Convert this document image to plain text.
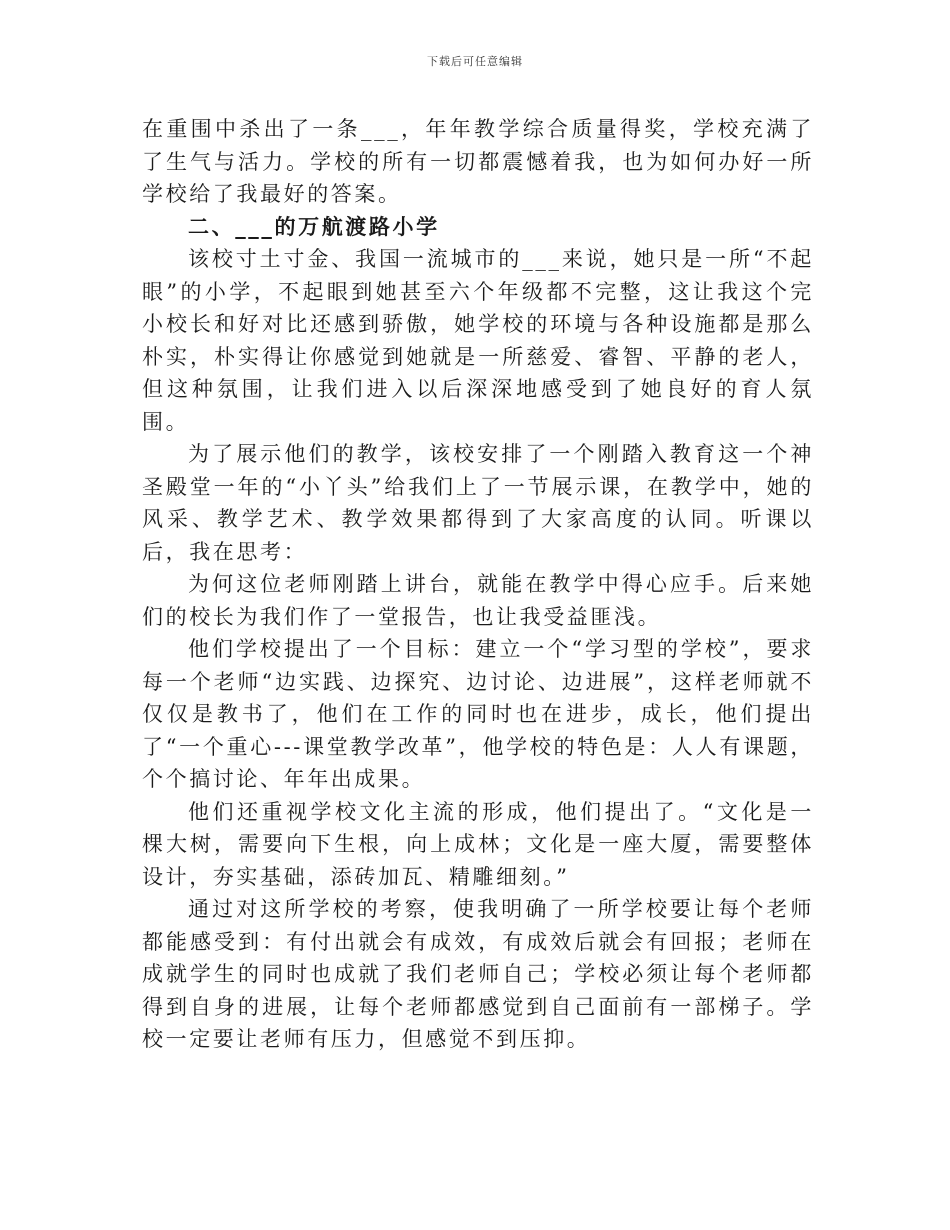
下载后可任意编辑

在重围中杀出了一条___，年年教学综合质量得奖，学校充满了了生气与活力。学校的所有一切都震憾着我，也为如何办好一所学校给了我最好的答案。

二、___的万航渡路小学

该校寸土寸金、我国一流城市的___来说，她只是一所“不起眼”的小学，不起眼到她甚至六个年级都不完整，这让我这个完小校长和好对比还感到骄傲，她学校的环境与各种设施都是那么朴实，朴实得让你感觉到她就是一所慈爱、睿智、平静的老人，但这种氛围，让我们进入以后深深地感受到了她良好的育人氛围。

为了展示他们的教学，该校安排了一个刚踏入教育这一个神圣殿堂一年的“小丫头”给我们上了一节展示课，在教学中，她的风采、教学艺术、教学效果都得到了大家高度的认同。听课以后，我在思考：

为何这位老师刚踏上讲台，就能在教学中得心应手。后来她们的校长为我们作了一堂报告，也让我受益匪浅。

他们学校提出了一个目标：建立一个“学习型的学校”，要求每一个老师“边实践、边探究、边讨论、边进展”，这样老师就不仅仅是教书了，他们在工作的同时也在进步，成长，他们提出了“一个重心---课堂教学改革”，他学校的特色是：人人有课题，个个搞讨论、年年出成果。

他们还重视学校文化主流的形成，他们提出了。“文化是一棵大树，需要向下生根，向上成林；文化是一座大厦，需要整体设计，夯实基础，添砖加瓦、精雕细刻。”

通过对这所学校的考察，使我明确了一所学校要让每个老师都能感受到：有付出就会有成效，有成效后就会有回报；老师在成就学生的同时也成就了我们老师自己；学校必须让每个老师都得到自身的进展，让每个老师都感觉到自己面前有一部梯子。学校一定要让老师有压力，但感觉不到压抑。
